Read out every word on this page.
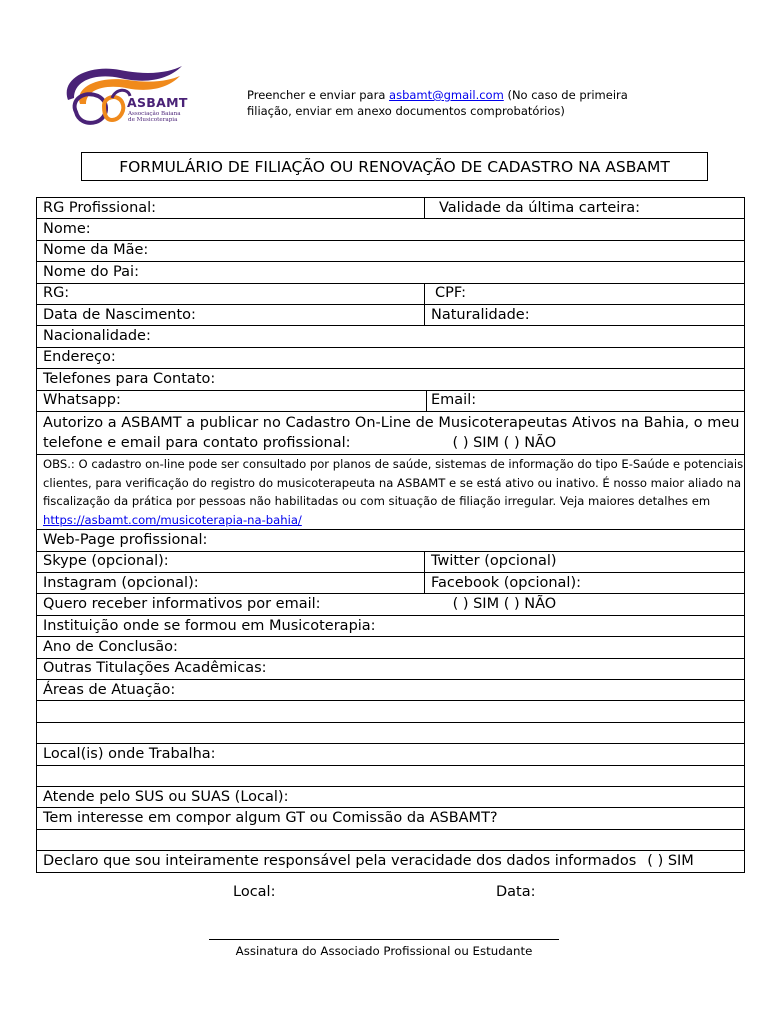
ASBAMT
Associação Baiana
de Musicoterapia
Preencher e enviar para asbamt@gmail.com (No caso de primeira filiação, enviar em anexo documentos comprobatórios)
FORMULÁRIO DE FILIAÇÃO OU RENOVAÇÃO DE CADASTRO NA ASBAMT
RG Profissional:	Validade da última carteira:	
Nome:		
Nome da Mãe:		
Nome do Pai:		
RG:	CPF:	
Data de Nascimento:	Naturalidade:	
Nacionalidade:		
Endereço:		
Telefones para Contato:		
Whatsapp:		Email:
Autorizo a ASBAMT a publicar no Cadastro On-Line de Musicoterapeutas Ativos na Bahia, o meu telefone e email para contato profissional: ( ) SIM ( ) NÃO		
OBS.: O cadastro on-line pode ser consultado por planos de saúde, sistemas de informação do tipo E-Saúde e potenciais clientes, para verificação do registro do musicoterapeuta na ASBAMT e se está ativo ou inativo. É nosso maior aliado na fiscalização da prática por pessoas não habilitadas ou com situação de filiação irregular. Veja maiores detalhes em https://asbamt.com/musicoterapia-na-bahia/		
Web-Page profissional:		
Skype (opcional):	Twitter (opcional)	
Instagram (opcional):	Facebook (opcional):	
Quero receber informativos por email: ( ) SIM ( ) NÃO		
Instituição onde se formou em Musicoterapia:		
Ano de Conclusão:		
Outras Titulações Acadêmicas:		
Áreas de Atuação:		

Local(is) onde Trabalha:		

Atende pelo SUS ou SUAS (Local):		
Tem interesse em compor algum GT ou Comissão da ASBAMT?		

Declaro que sou inteiramente responsável pela veracidade dos dados informados ( ) SIM		
Local:	Data:
Assinatura do Associado Profissional ou Estudante
